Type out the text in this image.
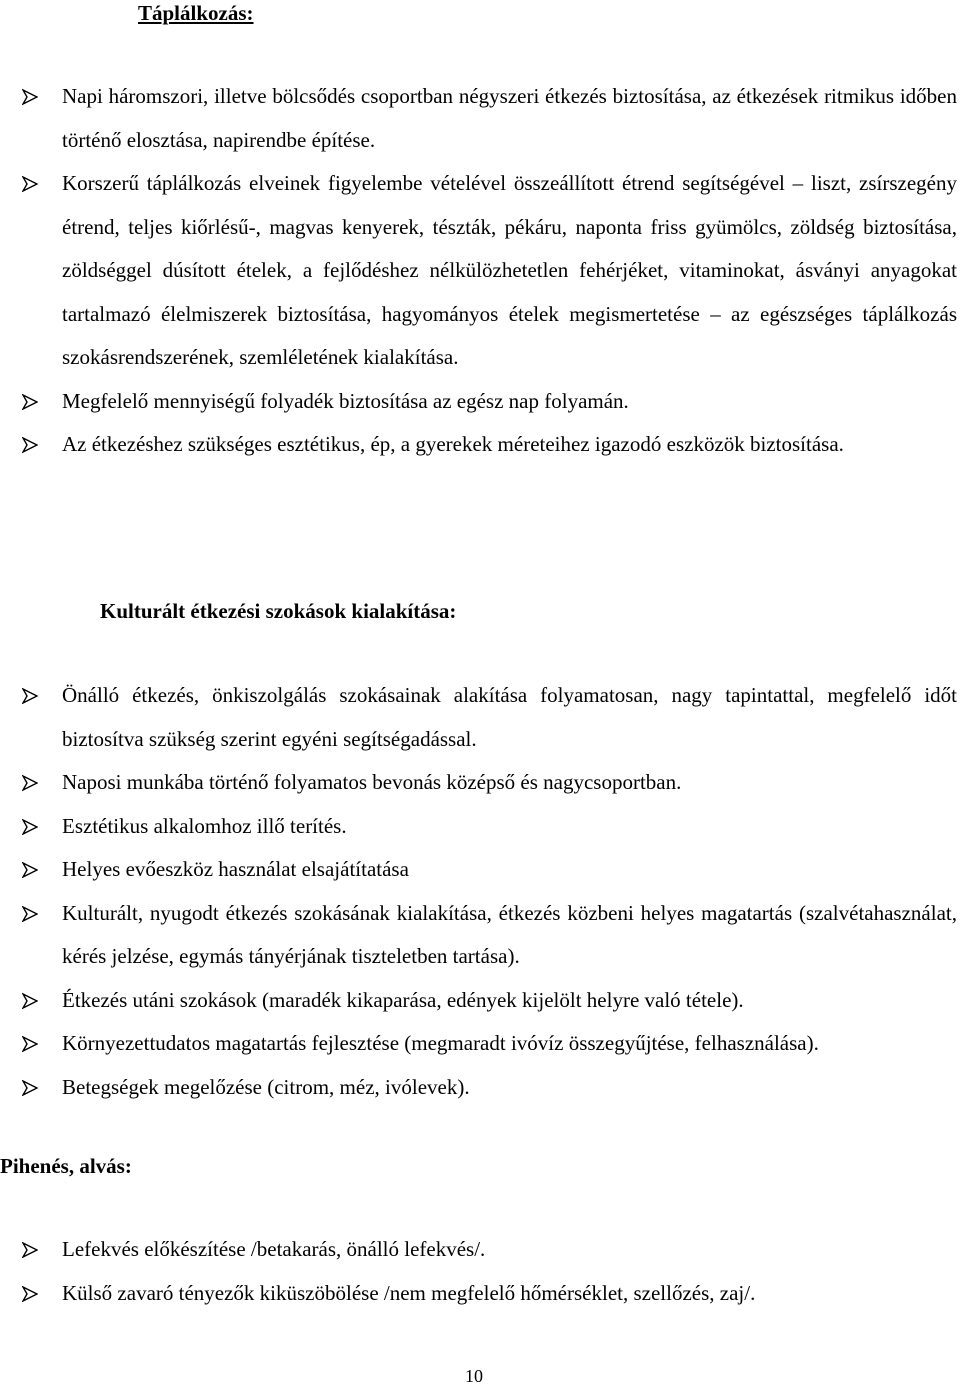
Táplálkozás:
Napi háromszori, illetve bölcsődés csoportban négyszeri étkezés biztosítása, az étkezések ritmikus időben történő elosztása, napirendbe építése.
Korszerű táplálkozás elveinek figyelembe vételével összeállított étrend segítségével – liszt, zsírszegény étrend, teljes kiőrlésű-, magvas kenyerek, tészták, pékáru, naponta friss gyümölcs, zöldség biztosítása, zöldséggel dúsított ételek, a fejlődéshez nélkülözhetetlen fehérjéket, vitaminokat, ásványi anyagokat tartalmazó élelmiszerek biztosítása, hagyományos ételek megismertetése – az egészséges táplálkozás szokásrendszerének, szemléletének kialakítása.
Megfelelő mennyiségű folyadék biztosítása az egész nap folyamán.
Az étkezéshez szükséges esztétikus, ép, a gyerekek méreteihez igazodó eszközök biztosítása.
Kulturált étkezési szokások kialakítása:
Önálló étkezés, önkiszolgálás szokásainak alakítása folyamatosan, nagy tapintattal, megfelelő időt biztosítva szükség szerint egyéni segítségadással.
Naposi munkába történő folyamatos bevonás középső és nagycsoportban.
Esztétikus alkalomhoz illő terítés.
Helyes evőeszköz használat elsajátítatása
Kulturált, nyugodt étkezés szokásának kialakítása, étkezés közbeni helyes magatartás (szalvétahasználat, kérés jelzése, egymás tányérjának tiszteletben tartása).
Étkezés utáni szokások (maradék kikaparása, edények kijelölt helyre való tétele).
Környezettudatos magatartás fejlesztése (megmaradt ivóvíz összegyűjtése, felhasználása).
Betegségek megelőzése (citrom, méz, ivólevek).
Pihenés, alvás:
Lefekvés előkészítése /betakarás, önálló lefekvés/.
Külső zavaró tényezők kiküszöbölése /nem megfelelő hőmérséklet, szellőzés, zaj/.
10
